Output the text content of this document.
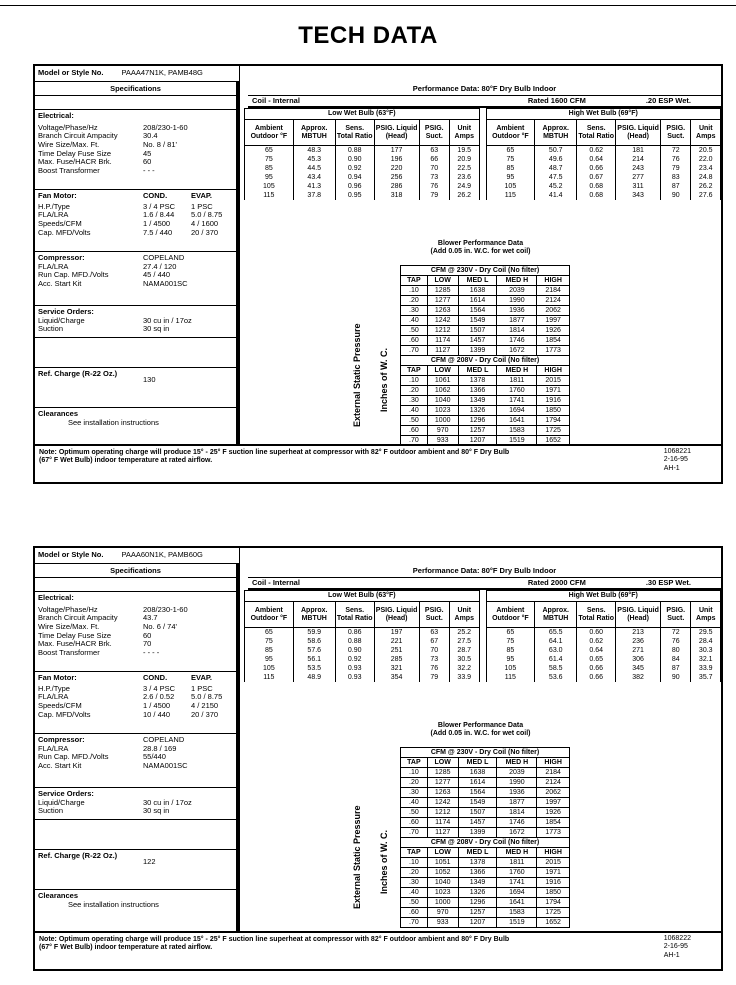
TECH DATA
Model or Style No. PAAA47N1K, PAMB48G
Specifications
Electrical:
Voltage/Phase/Hz	208/230-1-60
Branch Circuit Ampacity	30.4
Wire Size/Max. Ft.	No. 8 / 81'
Time Delay Fuse Size	45
Max. Fuse/HACR Brk.	60
Boost Transformer	- - -
Fan Motor:	COND.	EVAP.
H.P./Type	3 / 4 PSC	1 PSC
FLA/LRA	1.6 / 8.44	5.0 / 8.75
Speeds/CFM	1 / 4500	4 / 1600
Cap. MFD/Volts	7.5 / 440	20 / 370
Compressor:	COPELAND
FLA/LRA	27.4 / 120
Run Cap. MFD./Volts	45 / 440
Acc. Start Kit	NAMA001SC
Service Orders:
Liquid/Charge	30 cu in / 17oz
Suction	30 sq in
Ref. Charge (R-22 Oz.)
130
Clearances
See installation instructions
Performance Data: 80°F Dry Bulb Indoor
Coil - Internal	Rated 1600 CFM	.20 ESP Wet.
Low Wet Bulb (63°F)					
Ambient Outdoor °F	Approx. MBTUH	Sens. Total Ratio	PSIG. Liquid (Head)	PSIG. Suct.	Unit Amps
65	48.3	0.88	177	63	19.5
75	45.3	0.90	196	66	20.9
85	44.5	0.92	220	70	22.5
95	43.4	0.94	256	73	23.6
105	41.3	0.96	286	76	24.9
115	37.8	0.95	318	79	26.2
High Wet Bulb (69°F)					
Ambient Outdoor °F	Approx. MBTUH	Sens. Total Ratio	PSIG. Liquid (Head)	PSIG. Suct.	Unit Amps
65	50.7	0.62	181	72	20.5
75	49.6	0.64	214	76	22.0
85	48.7	0.66	243	79	23.4
95	47.5	0.67	277	83	24.8
105	45.2	0.68	311	87	26.2
115	41.4	0.68	343	90	27.6
Blower Performance Data
(Add 0.05 in. W.C. for wet coil)
External Static Pressure Inches of W. C.
CFM @ 230V - Dry Coil (No filter)				
TAP	LOW	MED L	MED H	HIGH
.10	1285	1638	2039	2184
.20	1277	1614	1990	2124
.30	1263	1564	1936	2062
.40	1242	1549	1877	1997
.50	1212	1507	1814	1926
.60	1174	1457	1746	1854
.70	1127	1399	1672	1773
CFM @ 208V - Dry Coil (No filter)				
TAP	LOW	MED L	MED H	HIGH
.10	1061	1378	1811	2015
.20	1062	1366	1760	1971
.30	1040	1349	1741	1916
.40	1023	1326	1694	1850
.50	1000	1296	1641	1794
.60	970	1257	1583	1725
.70	933	1207	1519	1652
Note: Optimum operating charge will produce 15° - 25° F suction line superheat at compressor with 82° F outdoor ambient and 80° F Dry Bulb (67° F Wet Bulb) indoor temperature at rated airflow.
1068221
2-16-95
AH-1
Model or Style No. PAAA60N1K, PAMB60G
Specifications
Electrical:
Voltage/Phase/Hz	208/230-1-60
Branch Circuit Ampacity	43.7
Wire Size/Max. Ft.	No. 6 / 74'
Time Delay Fuse Size	60
Max. Fuse/HACR Brk.	70
Boost Transformer	- - - -
Fan Motor:	COND.	EVAP.
H.P./Type	3 / 4 PSC	1 PSC
FLA/LRA	2.6 / 0.52	5.0 / 8.75
Speeds/CFM	1 / 4500	4 / 2150
Cap. MFD/Volts	10 / 440	20 / 370
Compressor:	COPELAND
FLA/LRA	28.8 / 169
Run Cap. MFD./Volts	55/440
Acc. Start Kit	NAMA001SC
Service Orders:
Liquid/Charge	30 cu in / 17oz
Suction	30 sq in
Ref. Charge (R-22 Oz.)
122
Clearances
See installation instructions
Performance Data: 80°F Dry Bulb Indoor
Coil - Internal	Rated 2000 CFM	.30 ESP Wet.
Low Wet Bulb (63°F)					
Ambient Outdoor °F	Approx. MBTUH	Sens. Total Ratio	PSIG. Liquid (Head)	PSIG. Suct.	Unit Amps
65	59.9	0.86	197	63	25.2
75	58.6	0.88	221	67	27.5
85	57.6	0.90	251	70	28.7
95	56.1	0.92	285	73	30.5
105	53.5	0.93	321	76	32.2
115	48.9	0.93	354	79	33.9
High Wet Bulb (69°F)					
Ambient Outdoor °F	Approx. MBTUH	Sens. Total Ratio	PSIG. Liquid (Head)	PSIG. Suct.	Unit Amps
65	65.5	0.60	213	72	29.5
75	64.1	0.62	236	76	28.4
85	63.0	0.64	271	80	30.3
95	61.4	0.65	306	84	32.1
105	58.5	0.66	345	87	33.9
115	53.6	0.66	382	90	35.7
Blower Performance Data
(Add 0.05 in. W.C. for wet coil)
External Static Pressure Inches of W. C.
CFM @ 230V - Dry Coil (No filter)				
TAP	LOW	MED L	MED H	HIGH
.10	1285	1638	2039	2184
.20	1277	1614	1990	2124
.30	1263	1564	1936	2062
.40	1242	1549	1877	1997
.50	1212	1507	1814	1926
.60	1174	1457	1746	1854
.70	1127	1399	1672	1773
CFM @ 208V - Dry Coil (No filter)				
TAP	LOW	MED L	MED H	HIGH
.10	1051	1378	1811	2015
.20	1052	1366	1760	1971
.30	1040	1349	1741	1916
.40	1023	1326	1694	1850
.50	1000	1296	1641	1794
.60	970	1257	1583	1725
.70	933	1207	1519	1652
Note: Optimum operating charge will produce 15° - 25° F suction line superheat at compressor with 82° F outdoor ambient and 80° F Dry Bulb (67° F Wet Bulb) indoor temperature at rated airflow.
1068222
2-16-95
AH-1
